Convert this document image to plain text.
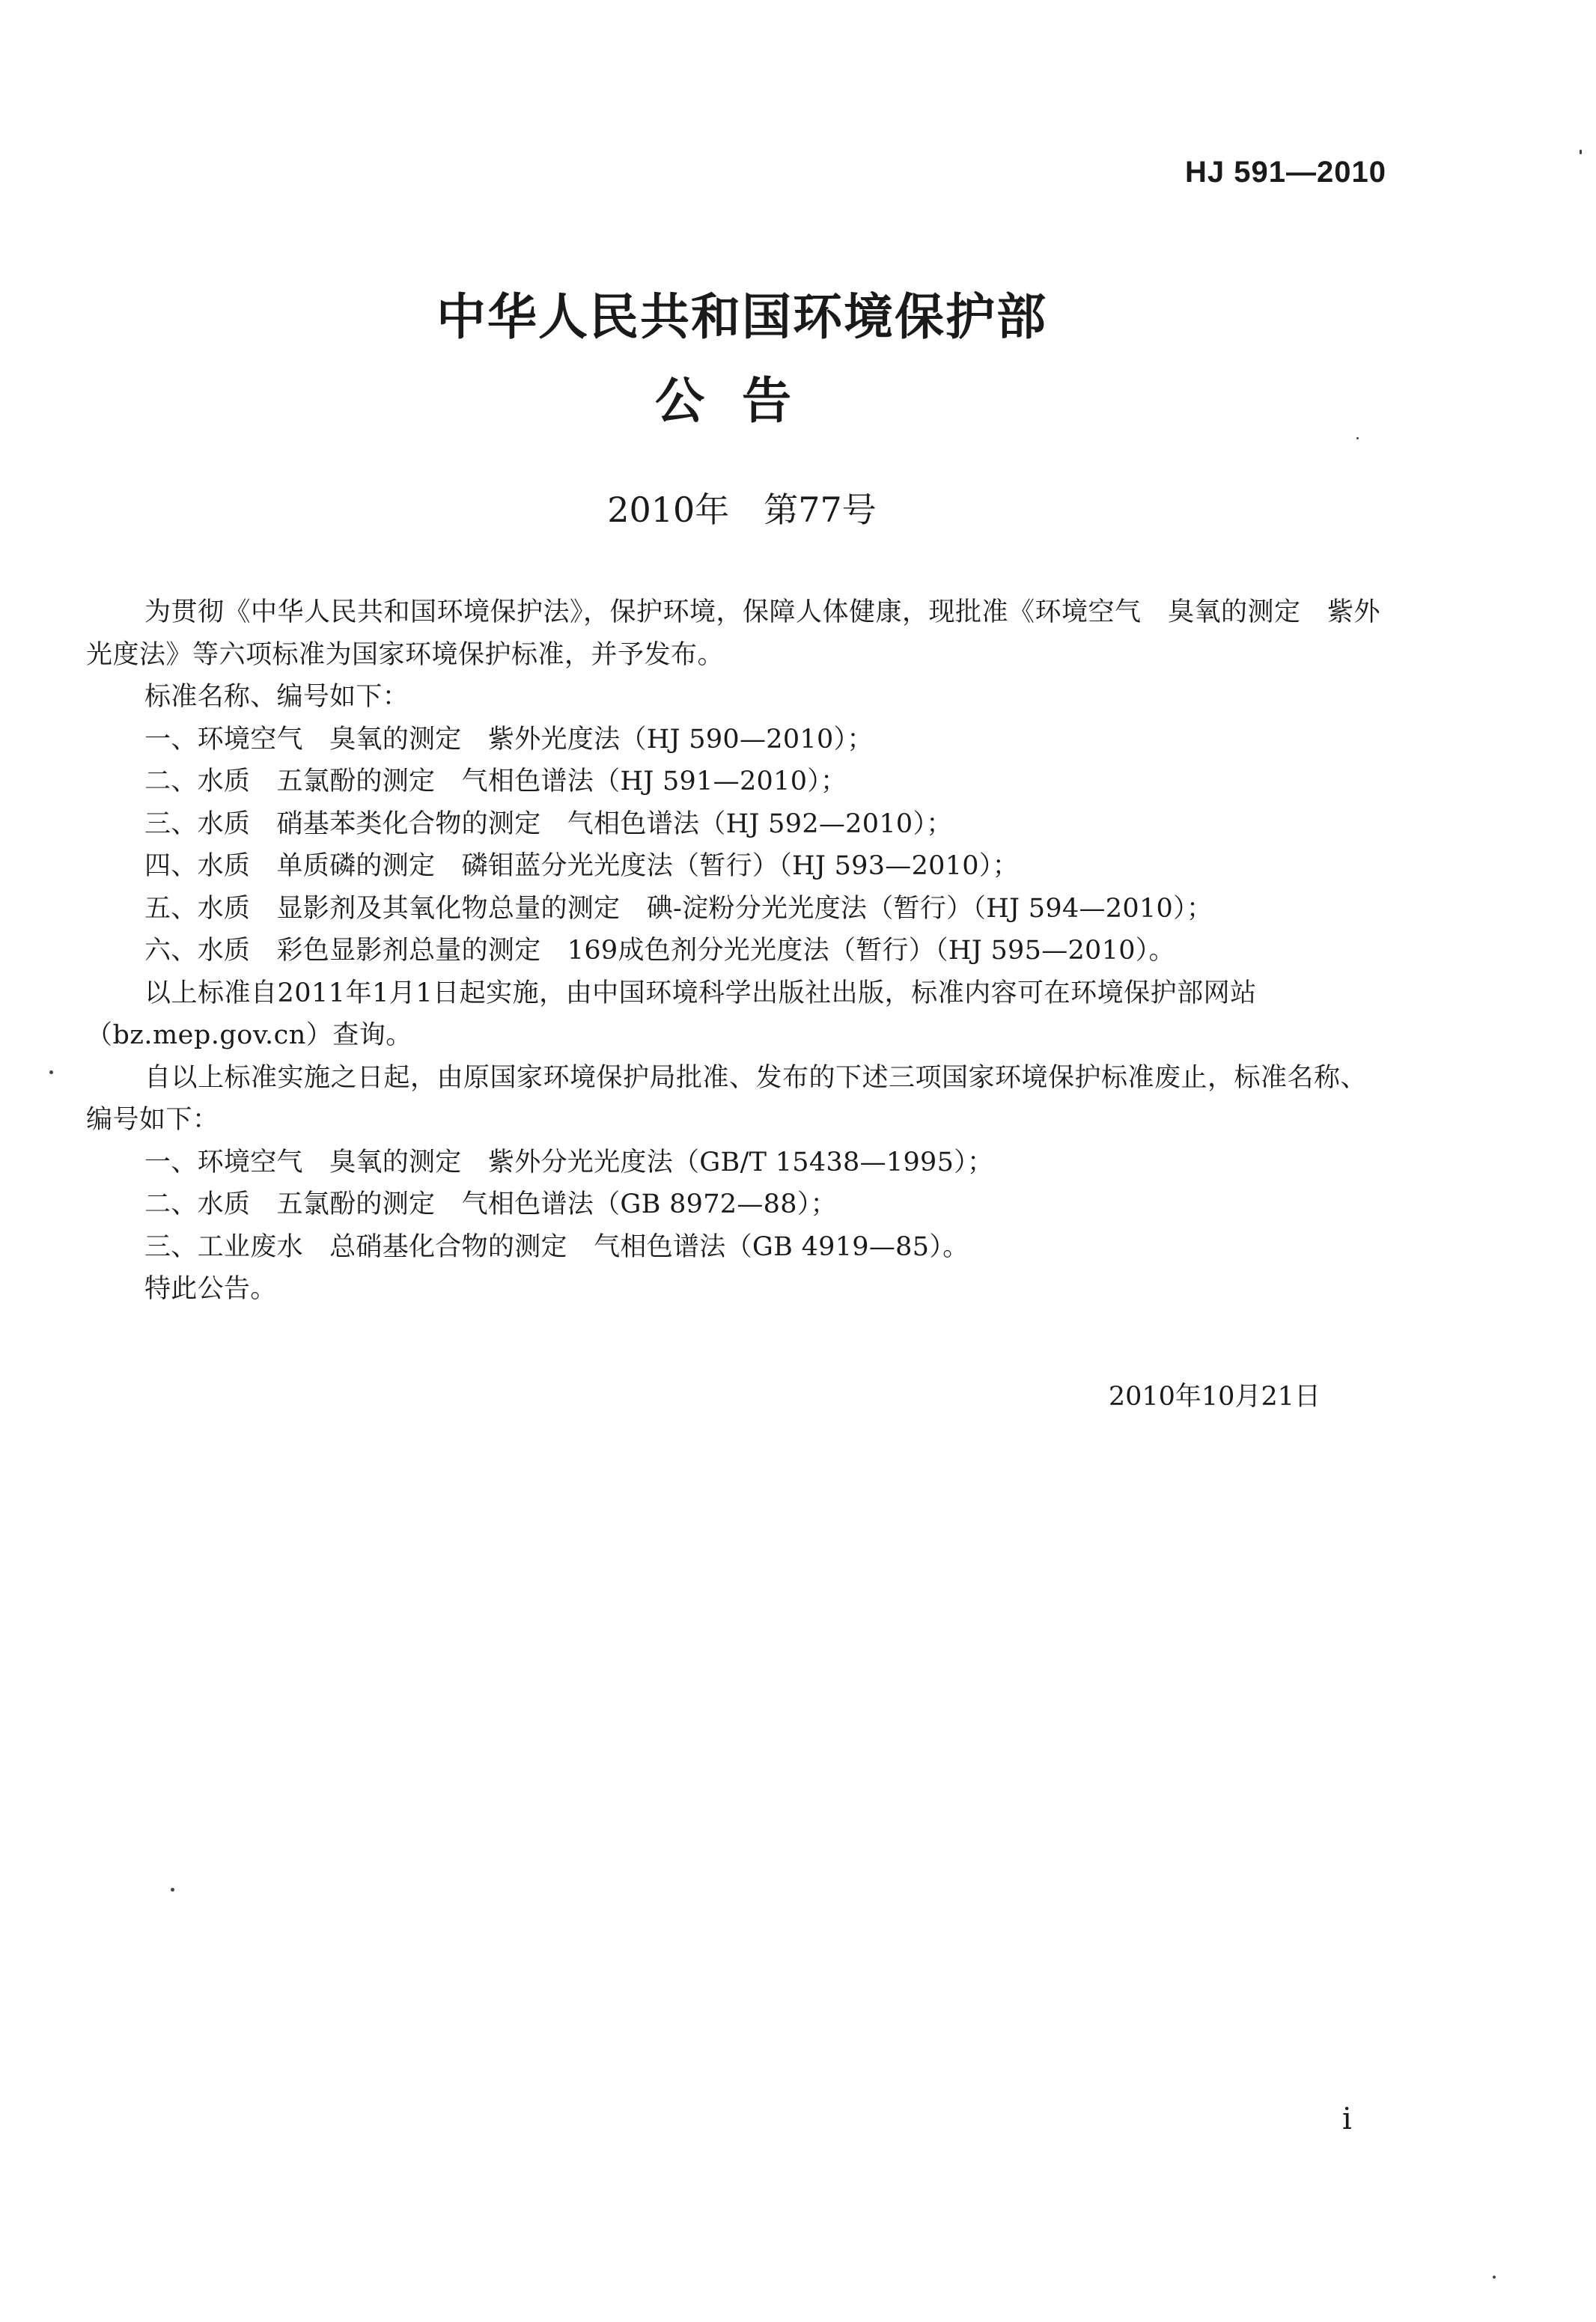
HJ 591—2010
中华人民共和国环境保护部
公告
2010年　第77号

为贯彻《中华人民共和国环境保护法》，保护环境，保障人体健康，现批准《环境空气　臭氧的测定　紫外光度法》等六项标准为国家环境保护标准，并予发布。

标准名称、编号如下：
一、环境空气　臭氧的测定　紫外光度法（HJ 590—2010）；
二、水质　五氯酚的测定　气相色谱法（HJ 591—2010）；
三、水质　硝基苯类化合物的测定　气相色谱法（HJ 592—2010）；
四、水质　单质磷的测定　磷钼蓝分光光度法（暂行）（HJ 593—2010）；
五、水质　显影剂及其氧化物总量的测定　碘-淀粉分光光度法（暂行）（HJ 594—2010）；
六、水质　彩色显影剂总量的测定　169成色剂分光光度法（暂行）（HJ 595—2010）。

以上标准自2011年1月1日起实施，由中国环境科学出版社出版，标准内容可在环境保护部网站（bz.mep.gov.cn）查询。

自以上标准实施之日起，由原国家环境保护局批准、发布的下述三项国家环境保护标准废止，标准名称、编号如下：

一、环境空气　臭氧的测定　紫外分光光度法（GB/T 15438—1995）；
二、水质　五氯酚的测定　气相色谱法（GB 8972—88）；
三、工业废水　总硝基化合物的测定　气相色谱法（GB 4919—85）。
特此公告。
2010年10月21日
i
